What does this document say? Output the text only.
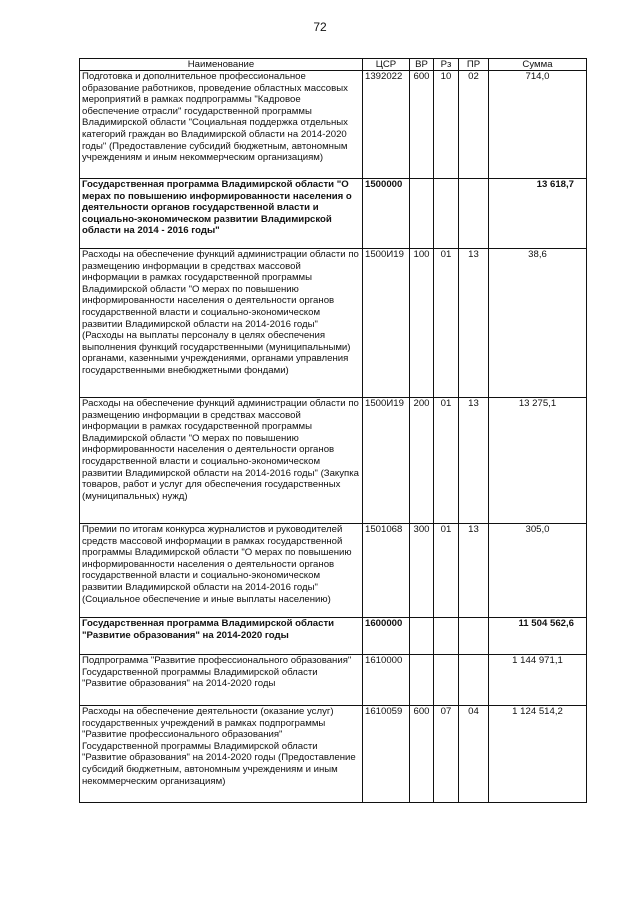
72
Наименование	ЦСР	ВР	Рз	ПР	Сумма
Подготовка и дополнительное профессиональное образование работников, проведение областных массовых мероприятий в рамках подпрограммы "Кадровое обеспечение отрасли" государственной программы Владимирской области "Социальная поддержка отдельных категорий граждан во Владимирской области на 2014-2020 годы" (Предоставление субсидий бюджетным, автономным учреждениям и иным некоммерческим организациям)	1392022	600	10	02	714,0
Государственная программа Владимирской области "О мерах по повышению информированности населения о деятельности органов государственной власти и социально-экономическом развитии Владимирской области на 2014 - 2016 годы"	1500000				13 618,7
Расходы на обеспечение функций администрации области по размещению информации в средствах массовой информации в рамках государственной программы Владимирской области "О мерах по повышению информированности населения о деятельности органов государственной власти и социально-экономическом развитии Владимирской области на 2014-2016 годы" (Расходы на выплаты персоналу в целях обеспечения выполнения функций государственными (муниципальными) органами, казенными учреждениями, органами управления государственными внебюджетными фондами)	1500И19	100	01	13	38,6
Расходы на обеспечение функций администрации области по размещению информации в средствах массовой информации в рамках государственной программы Владимирской области "О мерах по повышению информированности населения о деятельности органов государственной власти и социально-экономическом развитии Владимирской области на 2014-2016 годы" (Закупка товаров, работ и услуг для обеспечения государственных (муниципальных) нужд)	1500И19	200	01	13	13 275,1
Премии по итогам конкурса журналистов и руководителей средств массовой информации в рамках государственной программы Владимирской области "О мерах по повышению информированности населения о деятельности органов государственной власти и социально-экономическом развитии Владимирской области на 2014-2016 годы" (Социальное обеспечение и иные выплаты населению)	1501068	300	01	13	305,0
Государственная программа Владимирской области "Развитие образования" на 2014-2020 годы	1600000				11 504 562,6
Подпрограмма "Развитие профессионального образования" Государственной программы Владимирской области "Развитие образования" на 2014-2020 годы	1610000				1 144 971,1
Расходы на обеспечение деятельности (оказание услуг) государственных учреждений в рамках подпрограммы "Развитие профессионального образования" Государственной программы Владимирской области "Развитие образования" на 2014-2020 годы (Предоставление субсидий бюджетным, автономным учреждениям и иным некоммерческим организациям)	1610059	600	07	04	1 124 514,2
